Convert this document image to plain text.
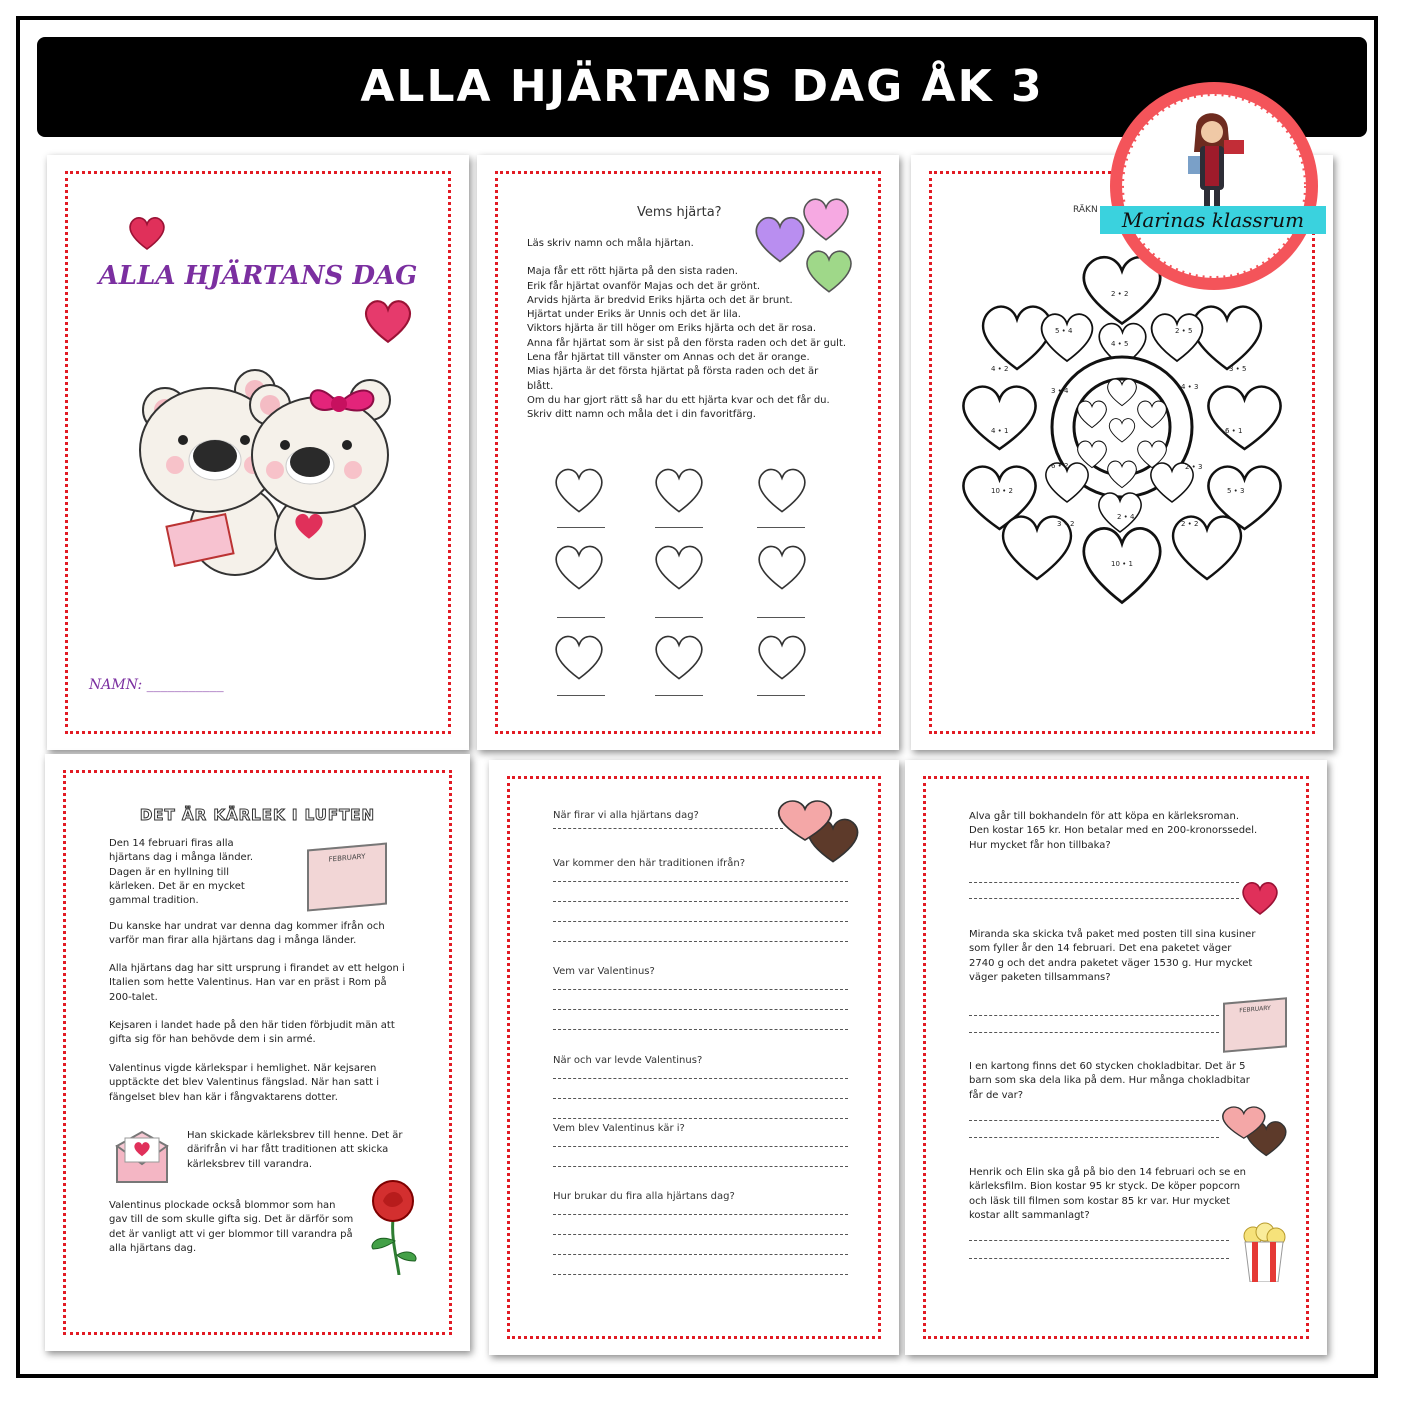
ALLA HJÄRTANS DAG ÅK 3
ALLA HJÄRTANS DAG
NAMN: ___________
Vems hjärta?

Läs skriv namn och måla hjärtan.

Maja får ett rött hjärta på den sista raden.

Erik får hjärtat ovanför Majas och det är grönt.

Arvids hjärta är bredvid Eriks hjärta och det är brunt.

Hjärtat under Eriks är Unnis och det är lila.

Viktors hjärta är till höger om Eriks hjärta och det är rosa.

Anna får hjärtat som är sist på den första raden och det är gult.

Lena får hjärtat till vänster om Annas och det är orange.

Mias hjärta är det första hjärtat på första raden och det är blått.

Om du har gjort rätt så har du ett hjärta kvar och det får du. Skriv ditt namn och måla det i din favoritfärg.

RÄKN
2 • 2
5 • 4
4 • 5
2 • 5
4 • 2
3 • 4
3 • 5
4 • 3
4 • 1	6 • 1
6 • 2	2 • 3
10 • 2	5 • 3
3 • 2
2 • 4
2 • 2
10 • 1
Marinas klassrum
DET ÄR KÄRLEK I LUFTEN
FEBRUARY
Den 14 februari firas alla hjärtans dag i många länder. Dagen är en hyllning till kärleken. Det är en mycket gammal tradition.
Du kanske har undrat var denna dag kommer ifrån och varför man firar alla hjärtans dag i många länder.
Alla hjärtans dag har sitt ursprung i firandet av ett helgon i Italien som hette Valentinus. Han var en präst i Rom på 200-talet.
Kejsaren i landet hade på den här tiden förbjudit män att gifta sig för han behövde dem i sin armé.
Valentinus vigde kärlekspar i hemlighet. När kejsaren upptäckte det blev Valentinus fängslad. När han satt i fängelset blev han kär i fångvaktarens dotter.
Han skickade kärleksbrev till henne. Det är därifrån vi har fått traditionen att skicka kärleksbrev till varandra.
Valentinus plockade också blommor som han gav till de som skulle gifta sig. Det är därför som det är vanligt att vi ger blommor till varandra på alla hjärtans dag.
När firar vi alla hjärtans dag?
Var kommer den här traditionen ifrån?
Vem var Valentinus?
När och var levde Valentinus?
Vem blev Valentinus kär i?
Hur brukar du fira alla hjärtans dag?
Alva går till bokhandeln för att köpa en kärleksroman. Den kostar 165 kr. Hon betalar med en 200-kronorssedel. Hur mycket får hon tillbaka?
Miranda ska skicka två paket med posten till sina kusiner som fyller år den 14 februari. Det ena paketet väger 2740 g och det andra paketet väger 1530 g. Hur mycket väger paketen tillsammans?
FEBRUARY
I en kartong finns det 60 stycken chokladbitar. Det är 5 barn som ska dela lika på dem. Hur många chokladbitar får de var?
Henrik och Elin ska gå på bio den 14 februari och se en kärleksfilm. Bion kostar 95 kr styck. De köper popcorn och läsk till filmen som kostar 85 kr var. Hur mycket kostar allt sammanlagt?
